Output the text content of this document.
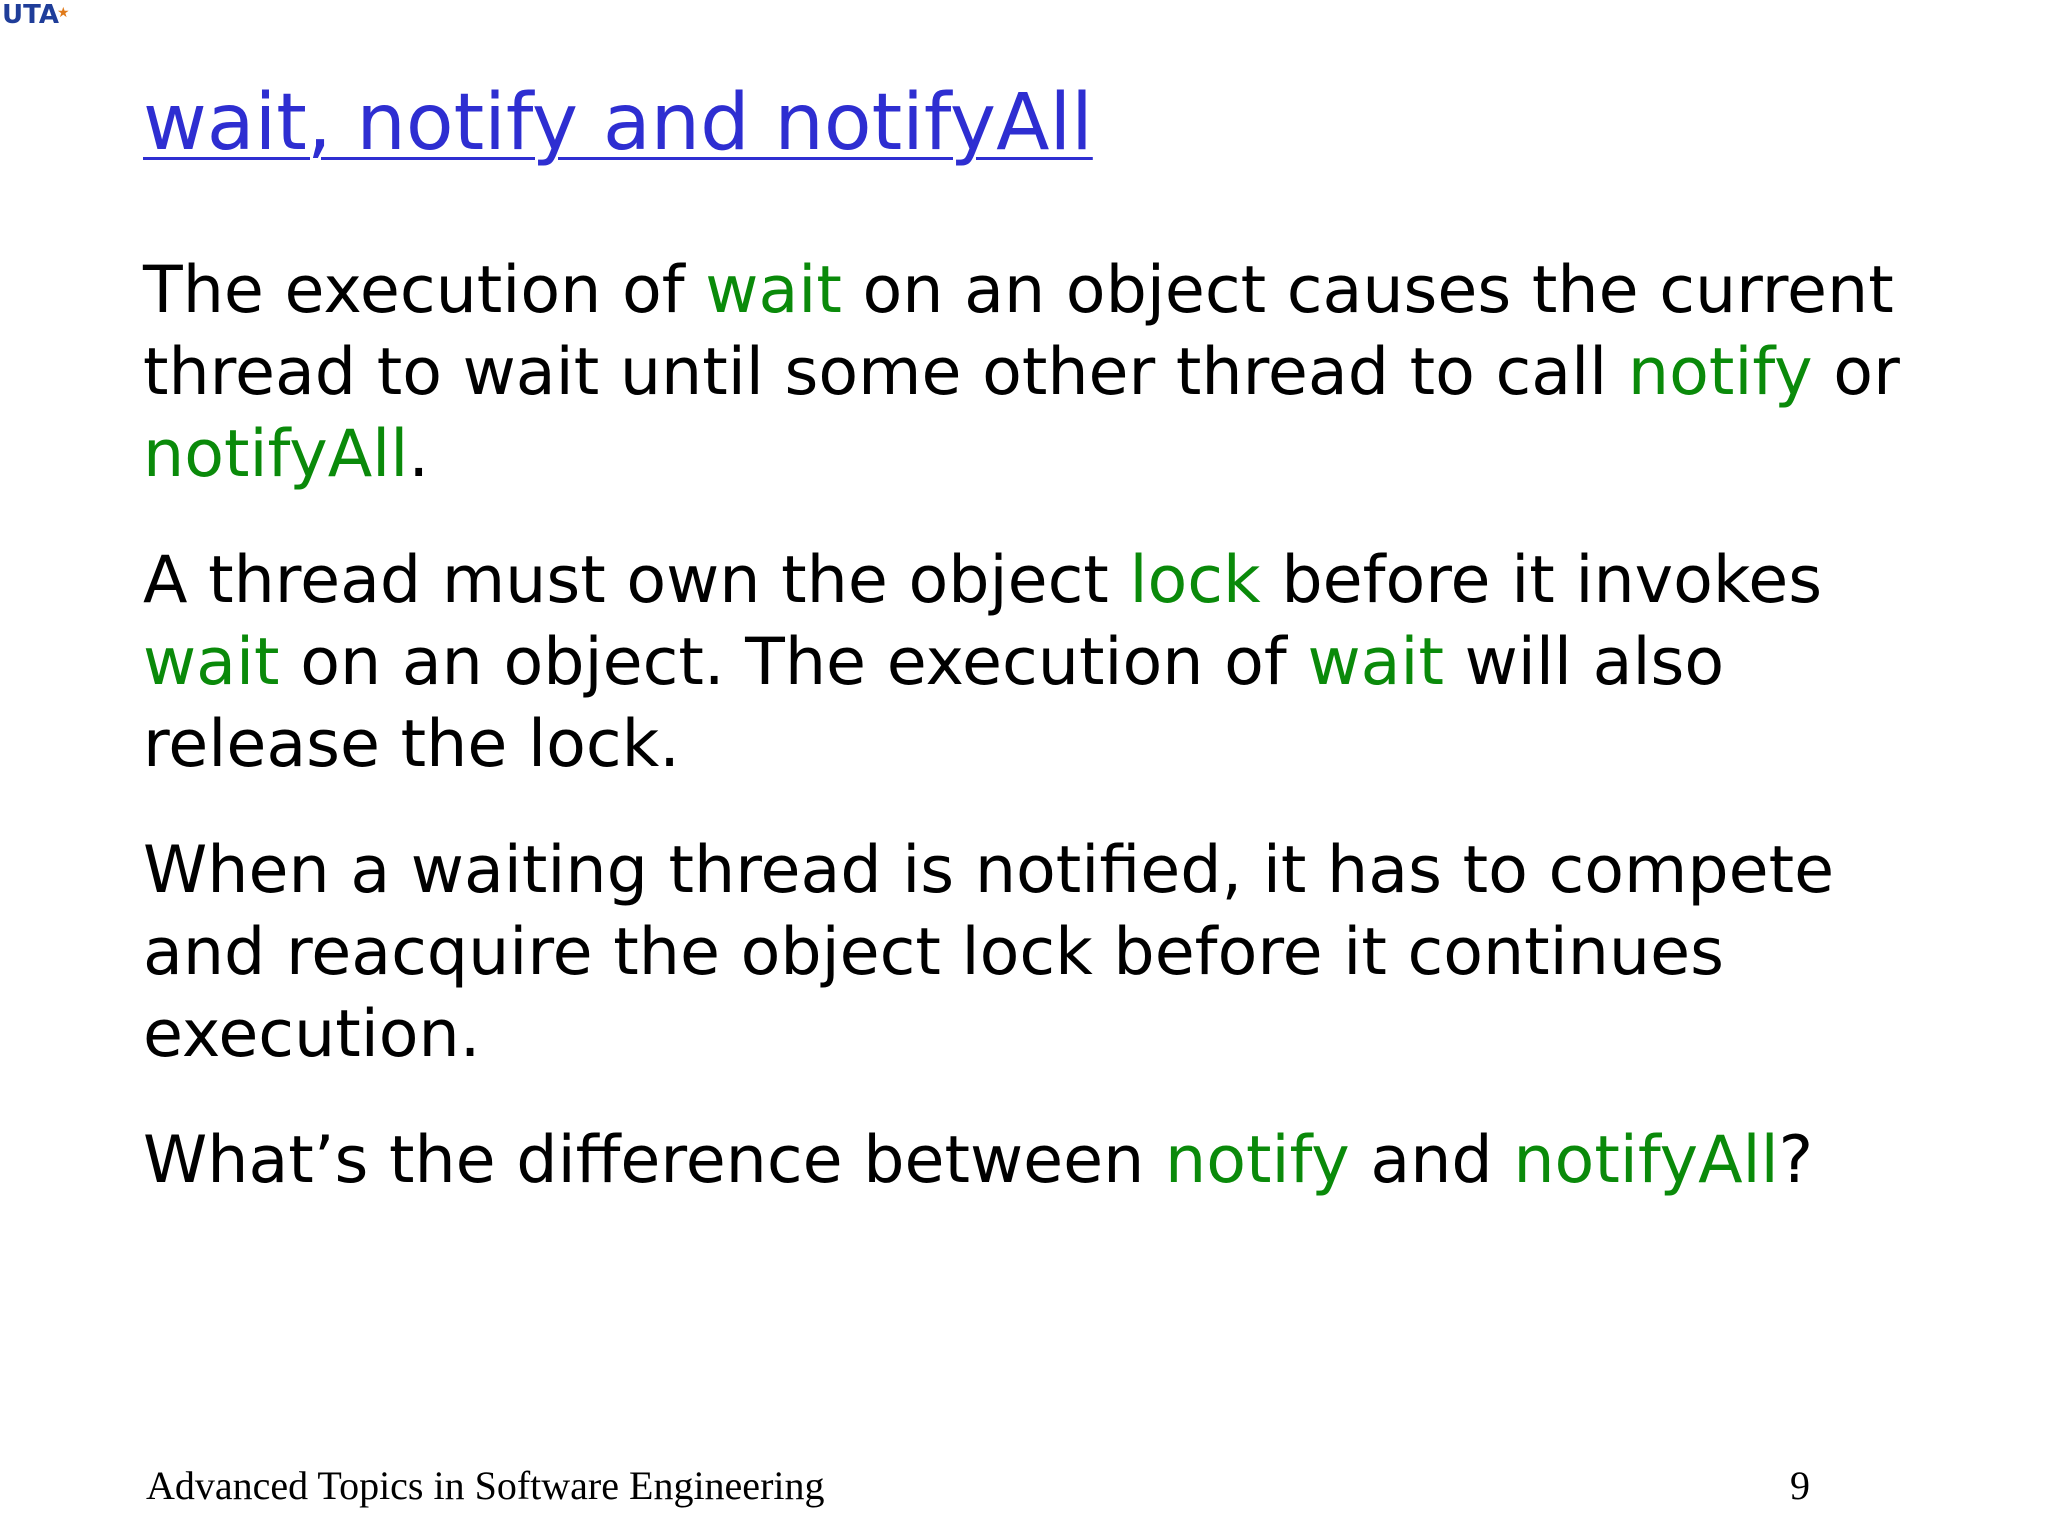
UTA★
wait, notify and notifyAll

The execution of wait on an object causes the current thread to wait until some other thread to call notify or notifyAll.

A thread must own the object lock before it invokes wait on an object. The execution of wait will also release the lock.

When a waiting thread is notified, it has to compete and reacquire the object lock before it continues execution.

What’s the difference between notify and notifyAll?

Advanced Topics in Software Engineering	9
